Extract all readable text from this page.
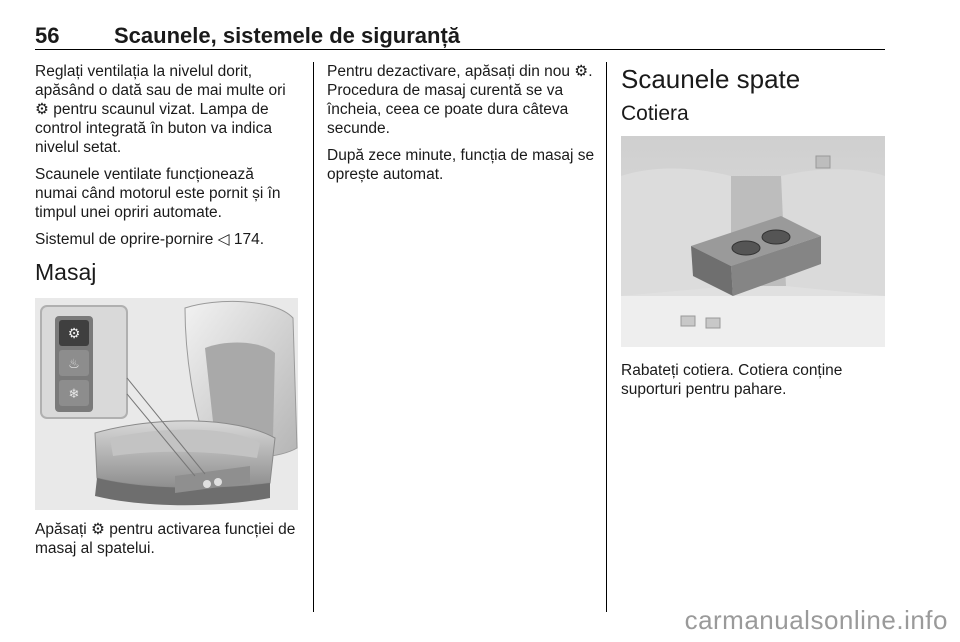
56 Scaunele, sistemele de siguranță

Reglați ventilația la nivelul dorit, apăsând o dată sau de mai multe ori ⚙ pentru scaunul vizat. Lampa de control integrată în buton va indica nivelul setat.

Scaunele ventilate funcționează numai când motorul este pornit și în timpul unei opriri automate.

Sistemul de oprire-pornire ◁ 174.

Masaj
⚙
♨
❄

Apăsați ⚙ pentru activarea funcției de masaj al spatelui.

Pentru dezactivare, apăsați din nou ⚙. Procedura de masaj curentă se va încheia, ceea ce poate dura câteva secunde.

După zece minute, funcția de masaj se oprește automat.

Scaunele spate
Cotiera

Rabateți cotiera. Cotiera conține suporturi pentru pahare.

carmanualsonline.info
